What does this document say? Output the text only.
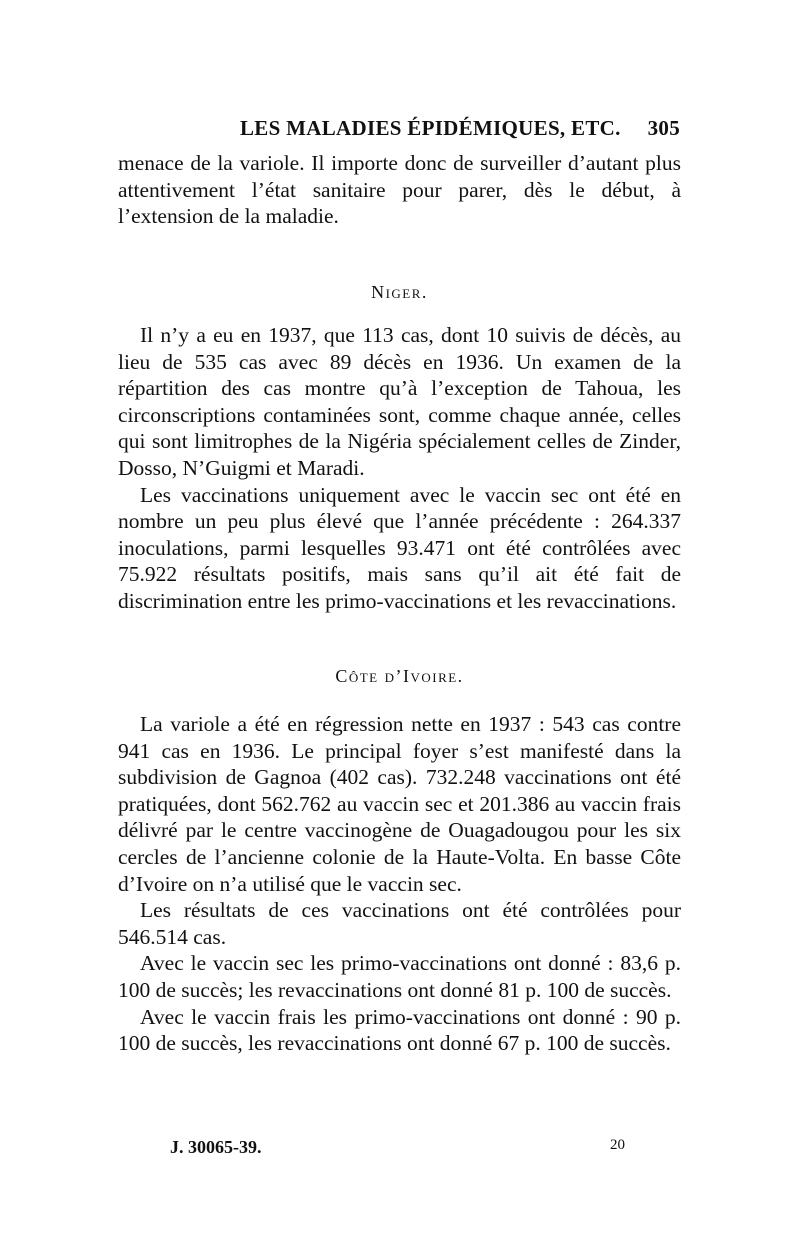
LES MALADIES ÉPIDÉMIQUES, ETC. 305

menace de la variole. Il importe donc de surveiller d’autant plus attentivement l’état sanitaire pour parer, dès le début, à l’extension de la maladie.

Niger.

Il n’y a eu en 1937, que 113 cas, dont 10 suivis de décès, au lieu de 535 cas avec 89 décès en 1936. Un examen de la répartition des cas montre qu’à l’exception de Tahoua, les circonscriptions contaminées sont, comme chaque année, celles qui sont limitrophes de la Nigéria spécialement celles de Zinder, Dosso, N’Guigmi et Maradi.

Les vaccinations uniquement avec le vaccin sec ont été en nombre un peu plus élevé que l’année précédente : 264.337 inoculations, parmi lesquelles 93.471 ont été contrôlées avec 75.922 résultats positifs, mais sans qu’il ait été fait de discrimination entre les primo-vaccinations et les revaccinations.

Côte d’Ivoire.

La variole a été en régression nette en 1937 : 543 cas contre 941 cas en 1936. Le principal foyer s’est manifesté dans la subdivision de Gagnoa (402 cas). 732.248 vaccinations ont été pratiquées, dont 562.762 au vaccin sec et 201.386 au vaccin frais délivré par le centre vaccinogène de Ouagadougou pour les six cercles de l’ancienne colonie de la Haute-Volta. En basse Côte d’Ivoire on n’a utilisé que le vaccin sec.

Les résultats de ces vaccinations ont été contrôlées pour 546.514 cas.

Avec le vaccin sec les primo-vaccinations ont donné : 83,6 p. 100 de succès; les revaccinations ont donné 81 p. 100 de succès.

Avec le vaccin frais les primo-vaccinations ont donné : 90 p. 100 de succès, les revaccinations ont donné 67 p. 100 de succès.

J. 30065-39.	20
